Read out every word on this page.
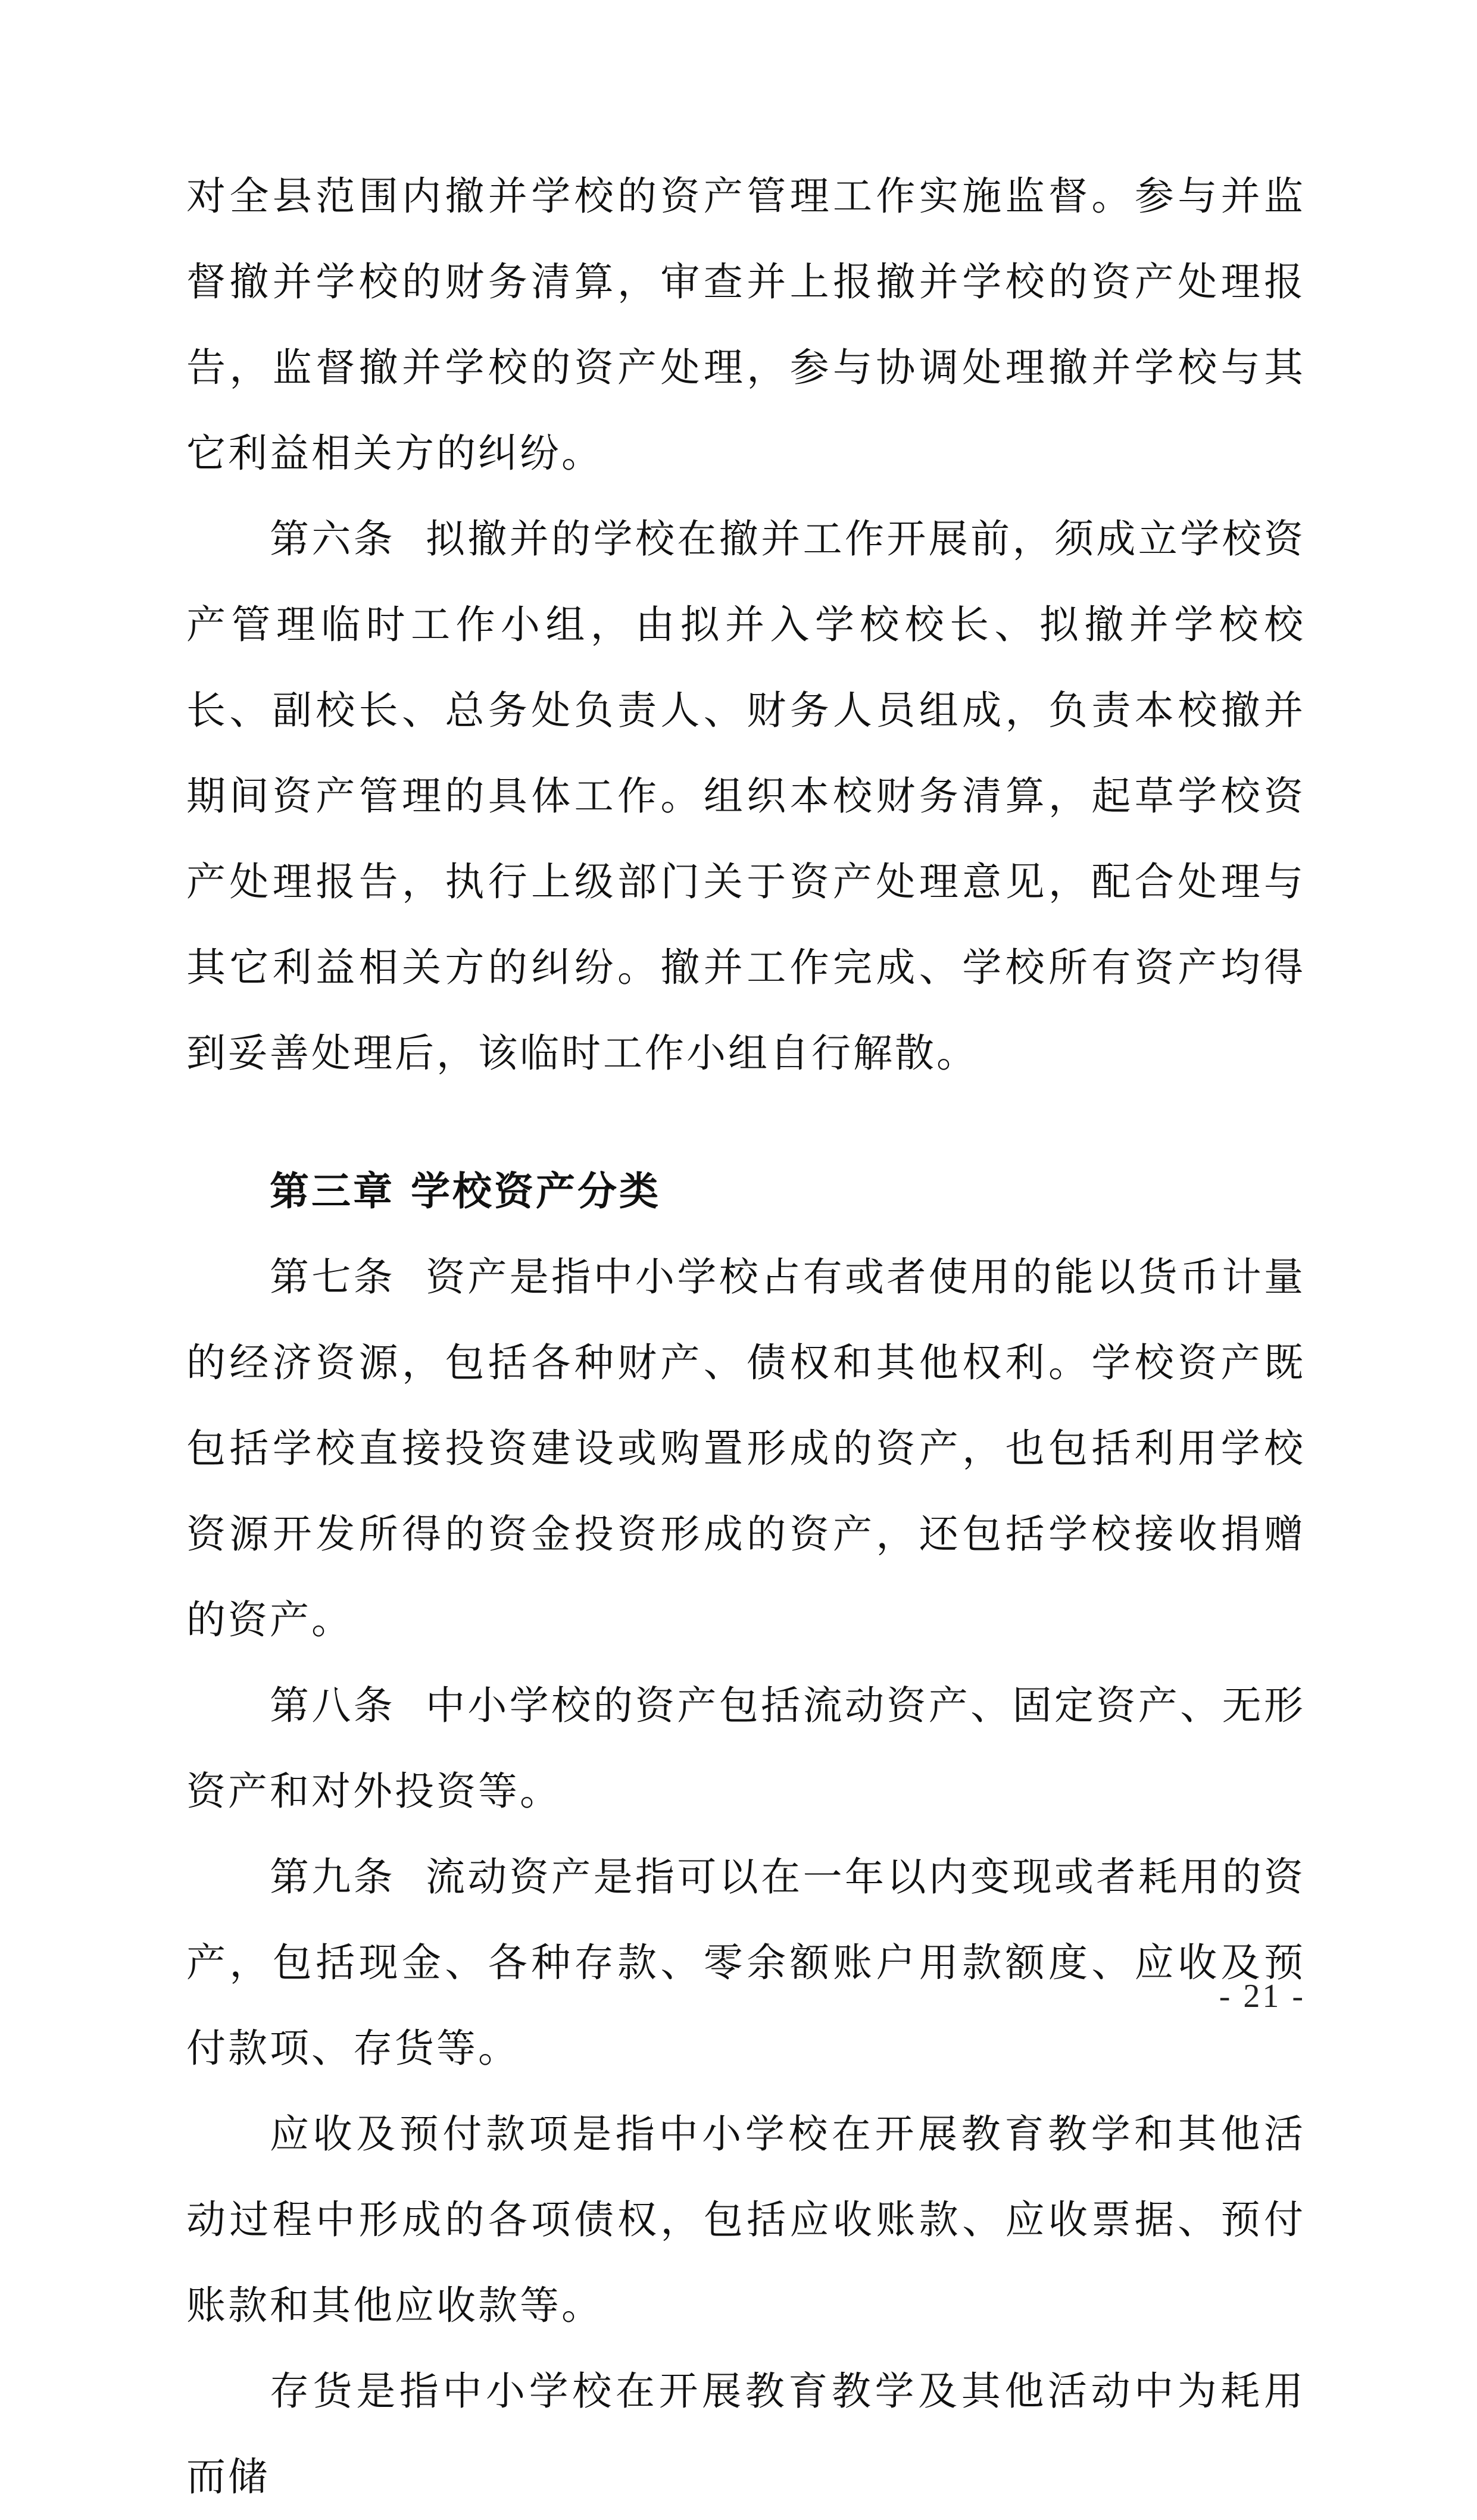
对全县范围内撤并学校的资产管理工作实施监督。参与并监督撤并学校的财务清算，审查并上报撤并学校的资产处理报告，监督撤并学校的资产处理，参与协调处理撤并学校与其它利益相关方的纠纷。

第六条  拟撤并的学校在撤并工作开展前，须成立学校资产管理临时工作小组，由拟并入学校校长、拟撤并学校校长、副校长、总务处负责人、财务人员组成，负责本校撤并期间资产管理的具体工作。组织本校财务清算，起草学校资产处理报告，执行上级部门关于资产处理意见，配合处理与其它利益相关方的纠纷。撤并工作完成、学校所有资产均得到妥善处理后，该临时工作小组自行解散。

第三章 学校资产分类

第七条  资产是指中小学校占有或者使用的能以货币计量的经济资源，包括各种财产、债权和其他权利。学校资产既包括学校直接投资建设或购置形成的资产，也包括利用学校资源开发所得的资金投资形成的资产，还包括学校接收捐赠的资产。

第八条  中小学校的资产包括流动资产、固定资产、无形资产和对外投资等。

第九条  流动资产是指可以在一年以内变现或者耗用的资产，包括现金、各种存款、零余额账户用款额度、应收及预付款项、存货等。

应收及预付款项是指中小学校在开展教育教学和其他活动过程中形成的各项债权，包括应收账款、应收票据、预付账款和其他应收款等。

存货是指中小学校在开展教育教学及其他活动中为耗用而储

- 21 -
